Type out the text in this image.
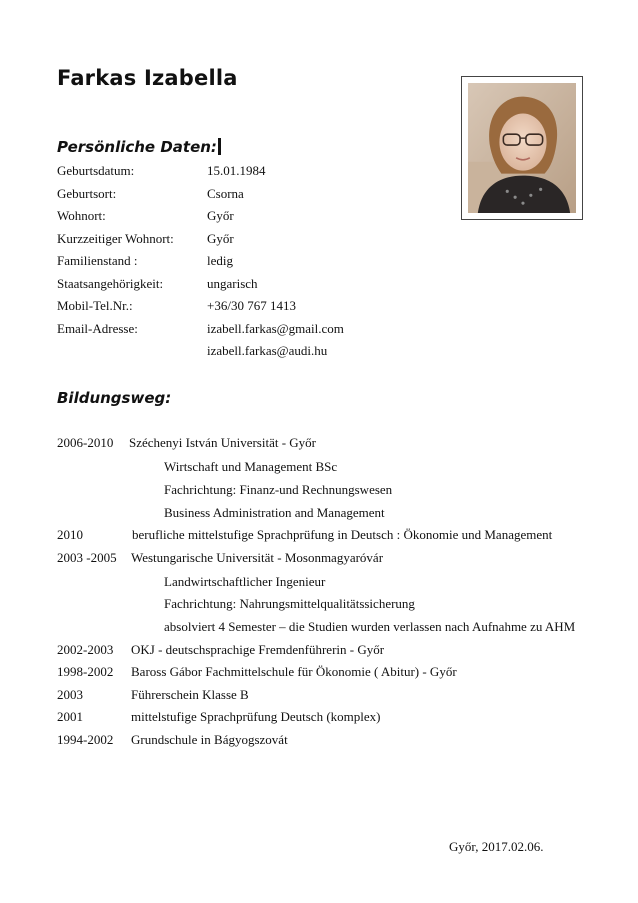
Farkas Izabella
Persönliche Daten:
Geburtsdatum:	15.01.1984
Geburtsort:	Csorna
Wohnort:	Győr
Kurzzeitiger Wohnort:	Győr
Familienstand :	ledig
Staatsangehörigkeit:	ungarisch
Mobil-Tel.Nr.:	+36/30 767 1413
Email-Adresse:	izabell.farkas@gmail.com
izabell.farkas@audi.hu
Bildungsweg:
2006-2010 Széchenyi István Universität - Győr
Wirtschaft und Management BSc
Fachrichtung: Finanz-und Rechnungswesen
Business Administration and Management
2010	berufliche mittelstufige Sprachprüfung in Deutsch : Ökonomie und Management
2003 -2005 Westungarische Universität - Mosonmagyaróvár
Landwirtschaftlicher Ingenieur
Fachrichtung: Nahrungsmittelqualitätssicherung
absolviert 4 Semester – die Studien wurden verlassen nach Aufnahme zu AHM
2002-2003 OKJ - deutschsprachige Fremdenführerin - Győr
1998-2002 Baross Gábor Fachmittelschule für Ökonomie ( Abitur) - Győr
2003	Führerschein Klasse B
2001	mittelstufige Sprachprüfung Deutsch (komplex)
1994-2002 Grundschule in Bágyogszovát
Győr, 2017.02.06.
